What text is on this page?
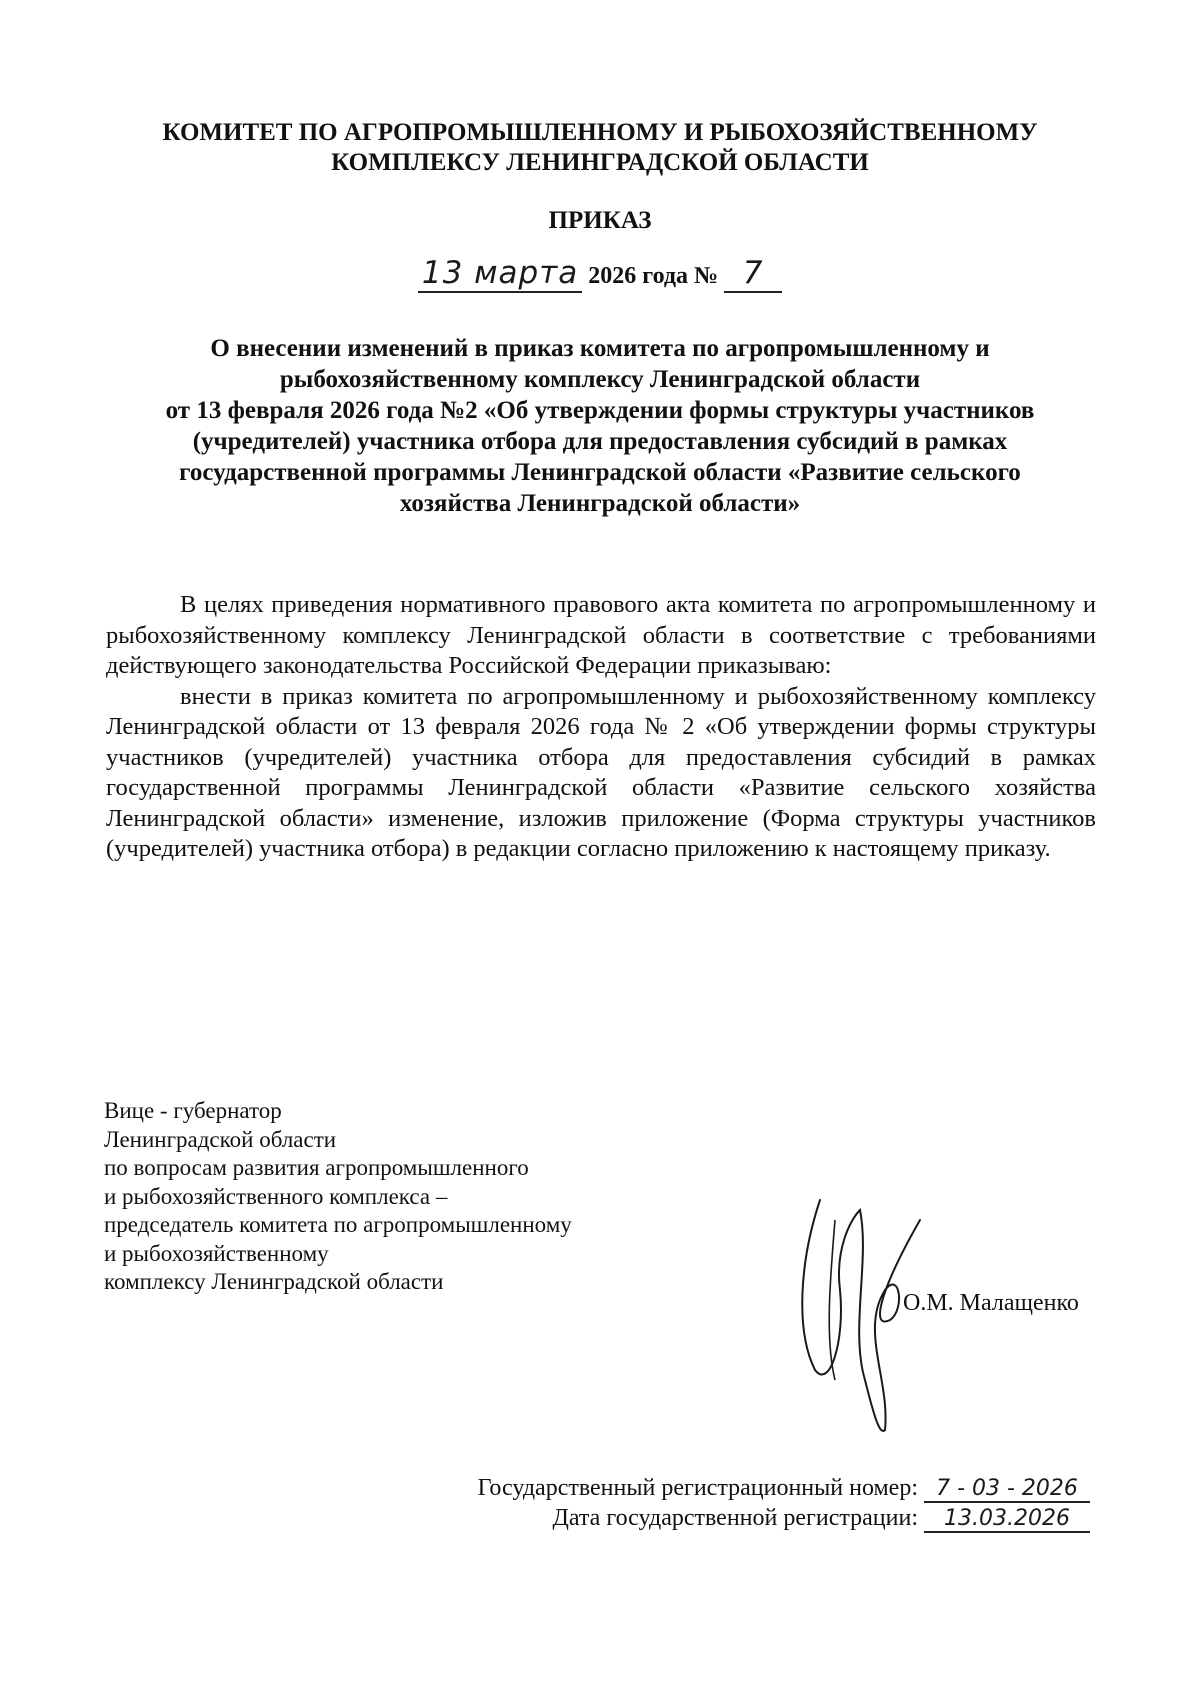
КОМИТЕТ ПО АГРОПРОМЫШЛЕННОМУ И РЫБОХОЗЯЙСТВЕННОМУ
КОМПЛЕКСУ ЛЕНИНГРАДСКОЙ ОБЛАСТИ
ПРИКАЗ
13 марта 2026 года № 7
О внесении изменений в приказ комитета по агропромышленному и
рыбохозяйственному комплексу Ленинградской области
от 13 февраля 2026 года №2 «Об утверждении формы структуры участников
(учредителей) участника отбора для предоставления субсидий в рамках
государственной программы Ленинградской области «Развитие сельского
хозяйства Ленинградской области»

В целях приведения нормативного правового акта комитета по агропромышленному и рыбохозяйственному комплексу Ленинградской области в соответствие с требованиями действующего законодательства Российской Федерации приказываю:

внести в приказ комитета по агропромышленному и рыбохозяйственному комплексу Ленинградской области от 13 февраля 2026 года № 2 «Об утверждении формы структуры участников (учредителей) участника отбора для предоставления субсидий в рамках государственной программы Ленинградской области «Развитие сельского хозяйства Ленинградской области» изменение, изложив приложение (Форма структуры участников (учредителей) участника отбора) в редакции согласно приложению к настоящему приказу.

Вице - губернатор
Ленинградской области
по вопросам развития агропромышленного
и рыбохозяйственного комплекса –
председатель комитета по агропромышленному
и рыбохозяйственному
комплексу Ленинградской области
О.М. Малащенко
Государственный регистрационный номер: 7 - 03 - 2026
Дата государственной регистрации: 13.03.2026
